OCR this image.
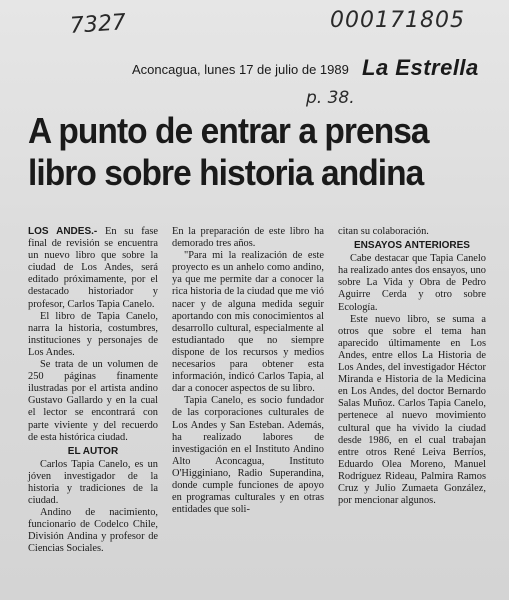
7327	000171805
p. 38.
Aconcagua, lunes 17 de julio de 1989 La Estrella
A punto de entrar a prensa
libro sobre historia andina

LOS ANDES.- En su fase final de revisión se encuentra un nuevo libro que sobre la ciudad de Los Andes, será editado próximamente, por el destacado historiador y profesor, Carlos Tapia Canelo.

El libro de Tapia Canelo, narra la historia, costumbres, instituciones y personajes de Los Andes.

Se trata de un volumen de 250 páginas finamente ilustradas por el artista andino Gustavo Gallardo y en la cual el lector se encontrará con parte viviente y del recuerdo de esta histórica ciudad.

EL AUTOR

Carlos Tapia Canelo, es un jóven investigador de la historia y tradiciones de la ciudad.

Andino de nacimiento, funcionario de Codelco Chile, División Andina y profesor de Ciencias Sociales.

En la preparación de este libro ha demorado tres años.

"Para mi la realización de este proyecto es un anhelo como andino, ya que me permite dar a conocer la rica historia de la ciudad que me vió nacer y de alguna medida seguir aportando con mis conocimientos al desarrollo cultural, especialmente al estudiantado que no siempre dispone de los recursos y medios necesarios para obtener esta información, indicó Carlos Tapia, al dar a conocer aspectos de su libro.

Tapia Canelo, es socio fundador de las corporaciones culturales de Los Andes y San Esteban. Además, ha realizado labores de investigación en el Instituto Andino Alto Aconcagua, Instituto O'Higginiano, Radio Superandina, donde cumple funciones de apoyo en programas culturales y en otras entidades que soli-

citan su colaboración.

ENSAYOS ANTERIORES

Cabe destacar que Tapia Canelo ha realizado antes dos ensayos, uno sobre La Vida y Obra de Pedro Aguirre Cerda y otro sobre Ecología.

Este nuevo libro, se suma a otros que sobre el tema han aparecido últimamente en Los Andes, entre ellos La Historia de Los Andes, del investigador Héctor Miranda e Historia de la Medicina en Los Andes, del doctor Bernardo Salas Muñoz. Carlos Tapia Canelo, pertenece al nuevo movimiento cultural que ha vivido la ciudad desde 1986, en el cual trabajan entre otros René Leiva Berríos, Eduardo Olea Moreno, Manuel Rodríguez Rideau, Palmira Ramos Cruz y Julio Zumaeta González, por mencionar algunos.
